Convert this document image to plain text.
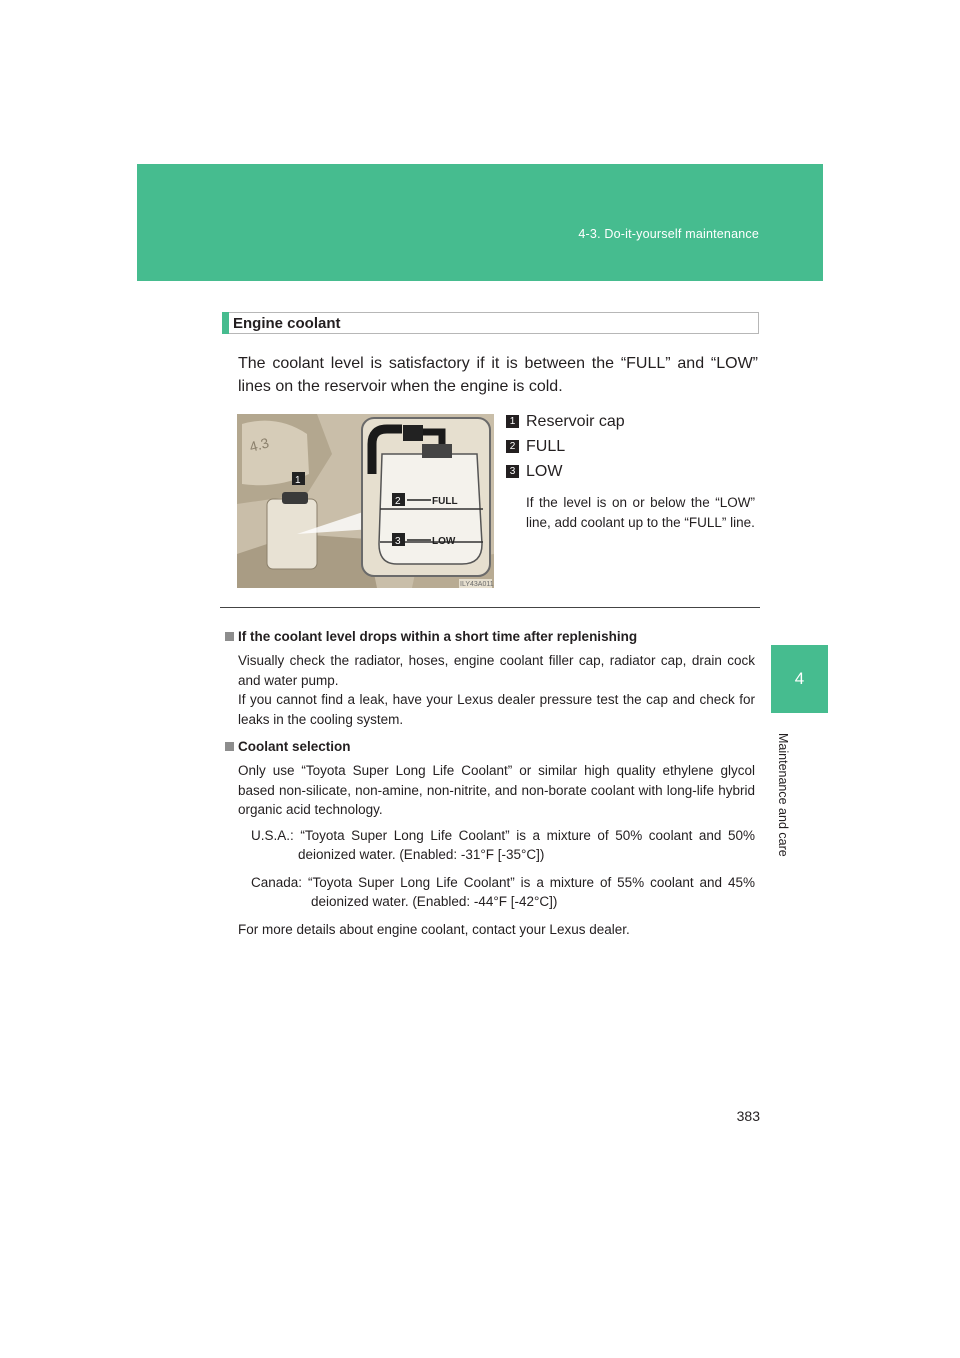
4-3. Do-it-yourself maintenance
4
Maintenance and care
Engine coolant
The coolant level is satisfactory if it is between the “FULL” and “LOW” lines on the reservoir when the engine is cold.
4.3
2	FULL
3	LOW
1
ILY43A011
1 Reservoir cap
2 FULL
3 LOW
If the level is on or below the “LOW” line, add coolant up to the “FULL” line.
If the coolant level drops within a short time after replenishing
Visually check the radiator, hoses, engine coolant filler cap, radiator cap, drain cock and water pump.
If you cannot find a leak, have your Lexus dealer pressure test the cap and check for leaks in the cooling system.
Coolant selection
Only use “Toyota Super Long Life Coolant” or similar high quality ethylene glycol based non-silicate, non-amine, non-nitrite, and non-borate coolant with long-life hybrid organic acid technology.
U.S.A.: “Toyota Super Long Life Coolant” is a mixture of 50% coolant and 50% deionized water. (Enabled: -31°F [-35°C])
Canada: “Toyota Super Long Life Coolant” is a mixture of 55% coolant and 45% deionized water. (Enabled: -44°F [-42°C])
For more details about engine coolant, contact your Lexus dealer.
383
